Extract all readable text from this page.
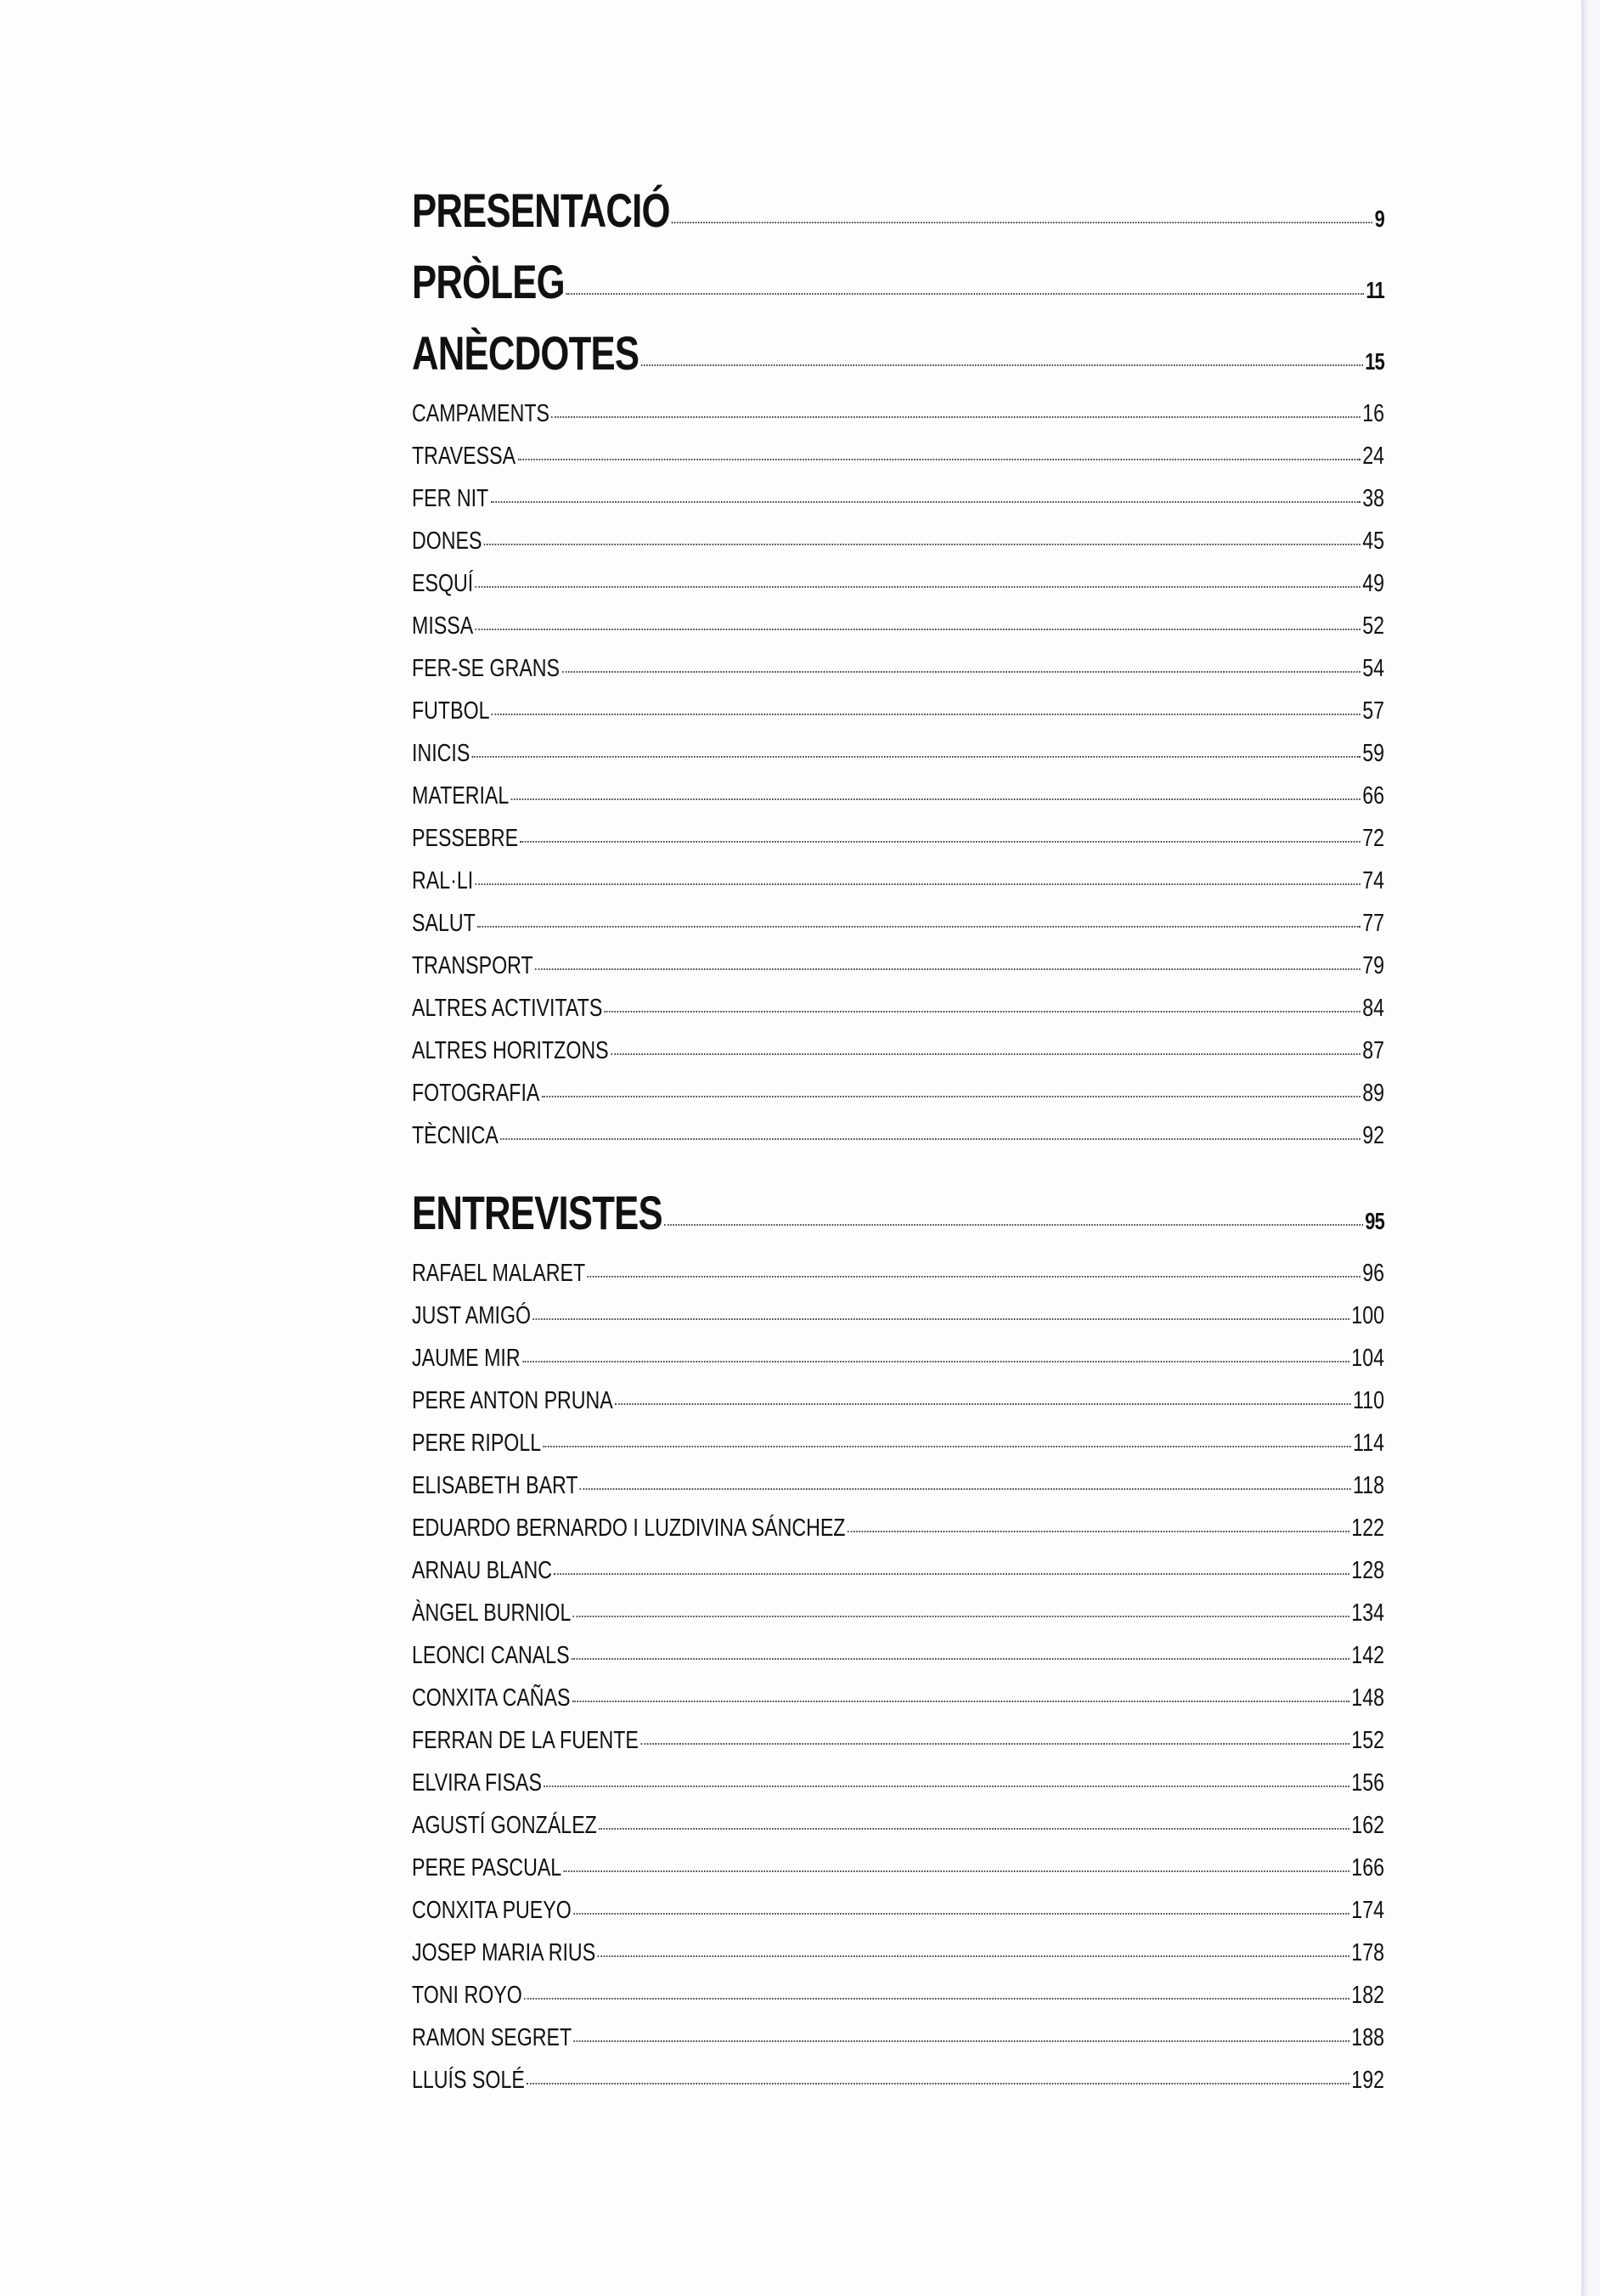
PRESENTACIÓ	9
PRÒLEG	11
ANÈCDOTES	15
CAMPAMENTS	16
TRAVESSA	24
FER NIT	38
DONES	45
ESQUÍ	49
MISSA	52
FER-SE GRANS	54
FUTBOL	57
INICIS	59
MATERIAL	66
PESSEBRE	72
RAL·LI	74
SALUT	77
TRANSPORT	79
ALTRES ACTIVITATS	84
ALTRES HORITZONS	87
FOTOGRAFIA	89
TÈCNICA	92
ENTREVISTES	95
RAFAEL MALARET	96
JUST AMIGÓ	100
JAUME MIR	104
PERE ANTON PRUNA	110
PERE RIPOLL	114
ELISABETH BART	118
EDUARDO BERNARDO I LUZDIVINA SÁNCHEZ	122
ARNAU BLANC	128
ÀNGEL BURNIOL	134
LEONCI CANALS	142
CONXITA CAÑAS	148
FERRAN DE LA FUENTE	152
ELVIRA FISAS	156
AGUSTÍ GONZÁLEZ	162
PERE PASCUAL	166
CONXITA PUEYO	174
JOSEP MARIA RIUS	178
TONI ROYO	182
RAMON SEGRET	188
LLUÍS SOLÉ	192
